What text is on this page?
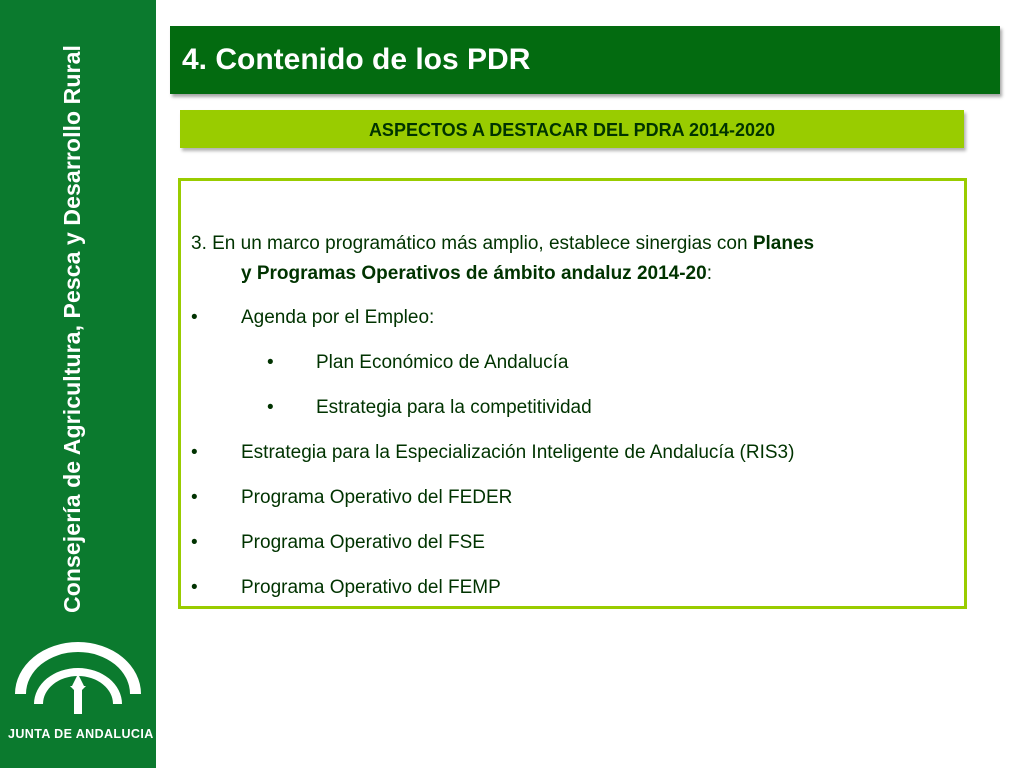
Consejería de Agricultura, Pesca y Desarrollo Rural
JUNTA DE ANDALUCIA
4. Contenido de los PDR
ASPECTOS A DESTACAR DEL PDRA 2014-2020
3. En un marco programático más amplio, establece sinergias con Planes
y Programas Operativos de ámbito andaluz 2014-20:
• Agenda por el Empleo:
• Plan Económico de Andalucía
• Estrategia para la competitividad
• Estrategia para la Especialización Inteligente de Andalucía (RIS3)
• Programa Operativo del FEDER
• Programa Operativo del FSE
• Programa Operativo del FEMP
